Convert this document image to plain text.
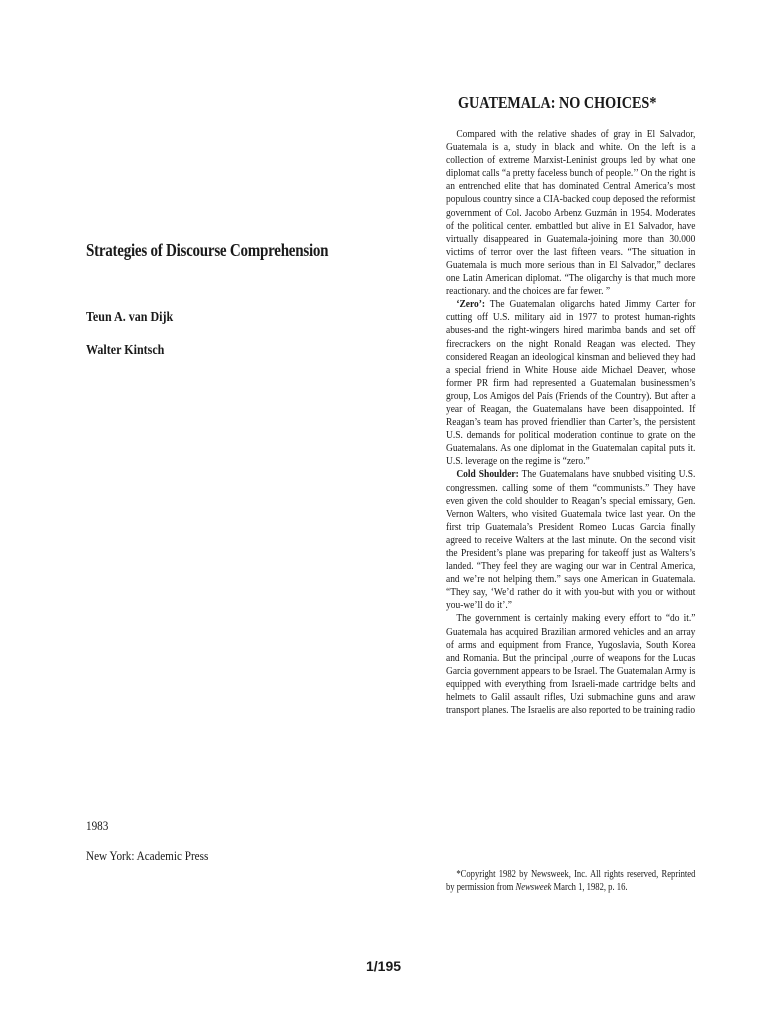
Strategies of Discourse Comprehension

Teun A. van Dijk

Walter Kintsch

1983

New York: Academic Press

GUATEMALA: NO CHOICES*

Compared with the relative shades of gray in El Salvador, Guatemala is a, study in black and white. On the left is a collection of extreme Marxist-Leninist groups led by what one diplomat calls “a pretty faceless bunch of people.’’ On the right is an entrenched elite that has dominated Central America’s most populous country since a CIA-backed coup deposed the reformist government of Col. Jacobo Arbenz Guzmán in 1954. Moderates of the political center. embattled but alive in E1 Salvador, have virtually disappeared in Guatemala-joining more than 30.000 victims of terror over the last fifteen vears. “The situation in Guatemala is much more serious than in El Salvador,” declares one Latin American diplomat. “The oligarchy is that much more reactionary. and the choices are far fewer. ”

‘Zero’: The Guatemalan oligarchs hated Jimmy Carter for cutting off U.S. military aid in 1977 to protest human-rights abuses-and the right-wingers hired marimba bands and set off firecrackers on the night Ronald Reagan was elected. They considered Reagan an ideological kinsman and believed they had a special friend in White House aide Michael Deaver, whose former PR firm had represented a Guatemalan businessmen’s group, Los Amigos del País (Friends of the Country). But after a year of Reagan, the Guatemalans have been disappointed. If Reagan’s team has proved friendlier than Carter’s, the persistent U.S. demands for political moderation continue to grate on the Guatemalans. As one diplomat in the Guatemalan capital puts it. U.S. leverage on the regime is “zero.”

Cold Shoulder: The Guatemalans have snubbed visiting U.S. congressmen. calling some of them “communists.” They have even given the cold shoulder to Reagan’s special emissary, Gen. Vernon Walters, who visited Guatemala twice last year. On the first trip Guatemala’s President Romeo Lucas Garcia finally agreed to receive Walters at the last minute. On the second visit the President’s plane was preparing for takeoff just as Walters’s landed. “They feel they are waging our war in Central America, and we’re not helping them.” says one American in Guatemala. “They say, ‘We’d rather do it with you-but with you or without you-we’ll do it’.”

The government is certainly making every effort to “do it.” Guatemala has acquired Brazilian armored vehicles and an array of arms and equipment from France, Yugoslavia, South Korea and Romania. But the principal ,ourre of weapons for the Lucas Garcia government appears to be Israel. The Guatemalan Army is equipped with everything from Israeli-made cartridge belts and helmets to Galil assault rifles, Uzi submachine guns and araw transport planes. The Israelis are also reported to be training radio

*Copyright 1982 by Newsweek, Inc. All rights reserved, Reprinted by permission from Newsweek March 1, 1982, p. 16.

1/195
